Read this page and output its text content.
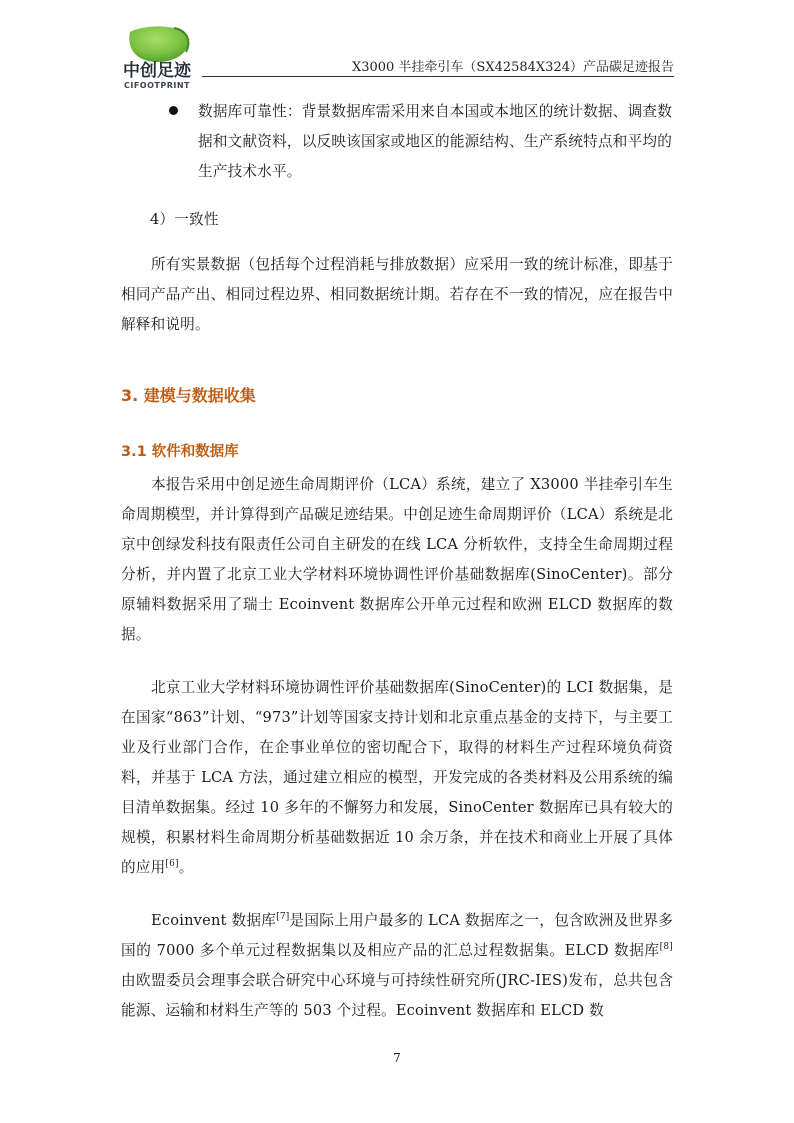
中创足迹
CIFOOTPRINT
X3000 半挂牵引车（SX42584X324）产品碳足迹报告

数据库可靠性：背景数据库需采用来自本国或本地区的统计数据、调查数据和文献资料，以反映该国家或地区的能源结构、生产系统特点和平均的生产技术水平。

4）一致性

所有实景数据（包括每个过程消耗与排放数据）应采用一致的统计标准，即基于相同产品产出、相同过程边界、相同数据统计期。若存在不一致的情况，应在报告中解释和说明。

3. 建模与数据收集
3.1 软件和数据库

本报告采用中创足迹生命周期评价（LCA）系统，建立了 X3000 半挂牵引车生命周期模型，并计算得到产品碳足迹结果。中创足迹生命周期评价（LCA）系统是北京中创绿发科技有限责任公司自主研发的在线 LCA 分析软件，支持全生命周期过程分析，并内置了北京工业大学材料环境协调性评价基础数据库(SinoCenter)。部分原辅料数据采用了瑞士 Ecoinvent 数据库公开单元过程和欧洲 ELCD 数据库的数据。

北京工业大学材料环境协调性评价基础数据库(SinoCenter)的 LCI 数据集，是在国家“863”计划、“973”计划等国家支持计划和北京重点基金的支持下，与主要工业及行业部门合作，在企事业单位的密切配合下，取得的材料生产过程环境负荷资料，并基于 LCA 方法，通过建立相应的模型，开发完成的各类材料及公用系统的编目清单数据集。经过 10 多年的不懈努力和发展，SinoCenter 数据库已具有较大的规模，积累材料生命周期分析基础数据近 10 余万条，并在技术和商业上开展了具体的应用[6]。

Ecoinvent 数据库[7]是国际上用户最多的 LCA 数据库之一，包含欧洲及世界多国的 7000 多个单元过程数据集以及相应产品的汇总过程数据集。ELCD 数据库[8]由欧盟委员会理事会联合研究中心环境与可持续性研究所(JRC-IES)发布，总共包含能源、运输和材料生产等的 503 个过程。Ecoinvent 数据库和 ELCD 数

7
